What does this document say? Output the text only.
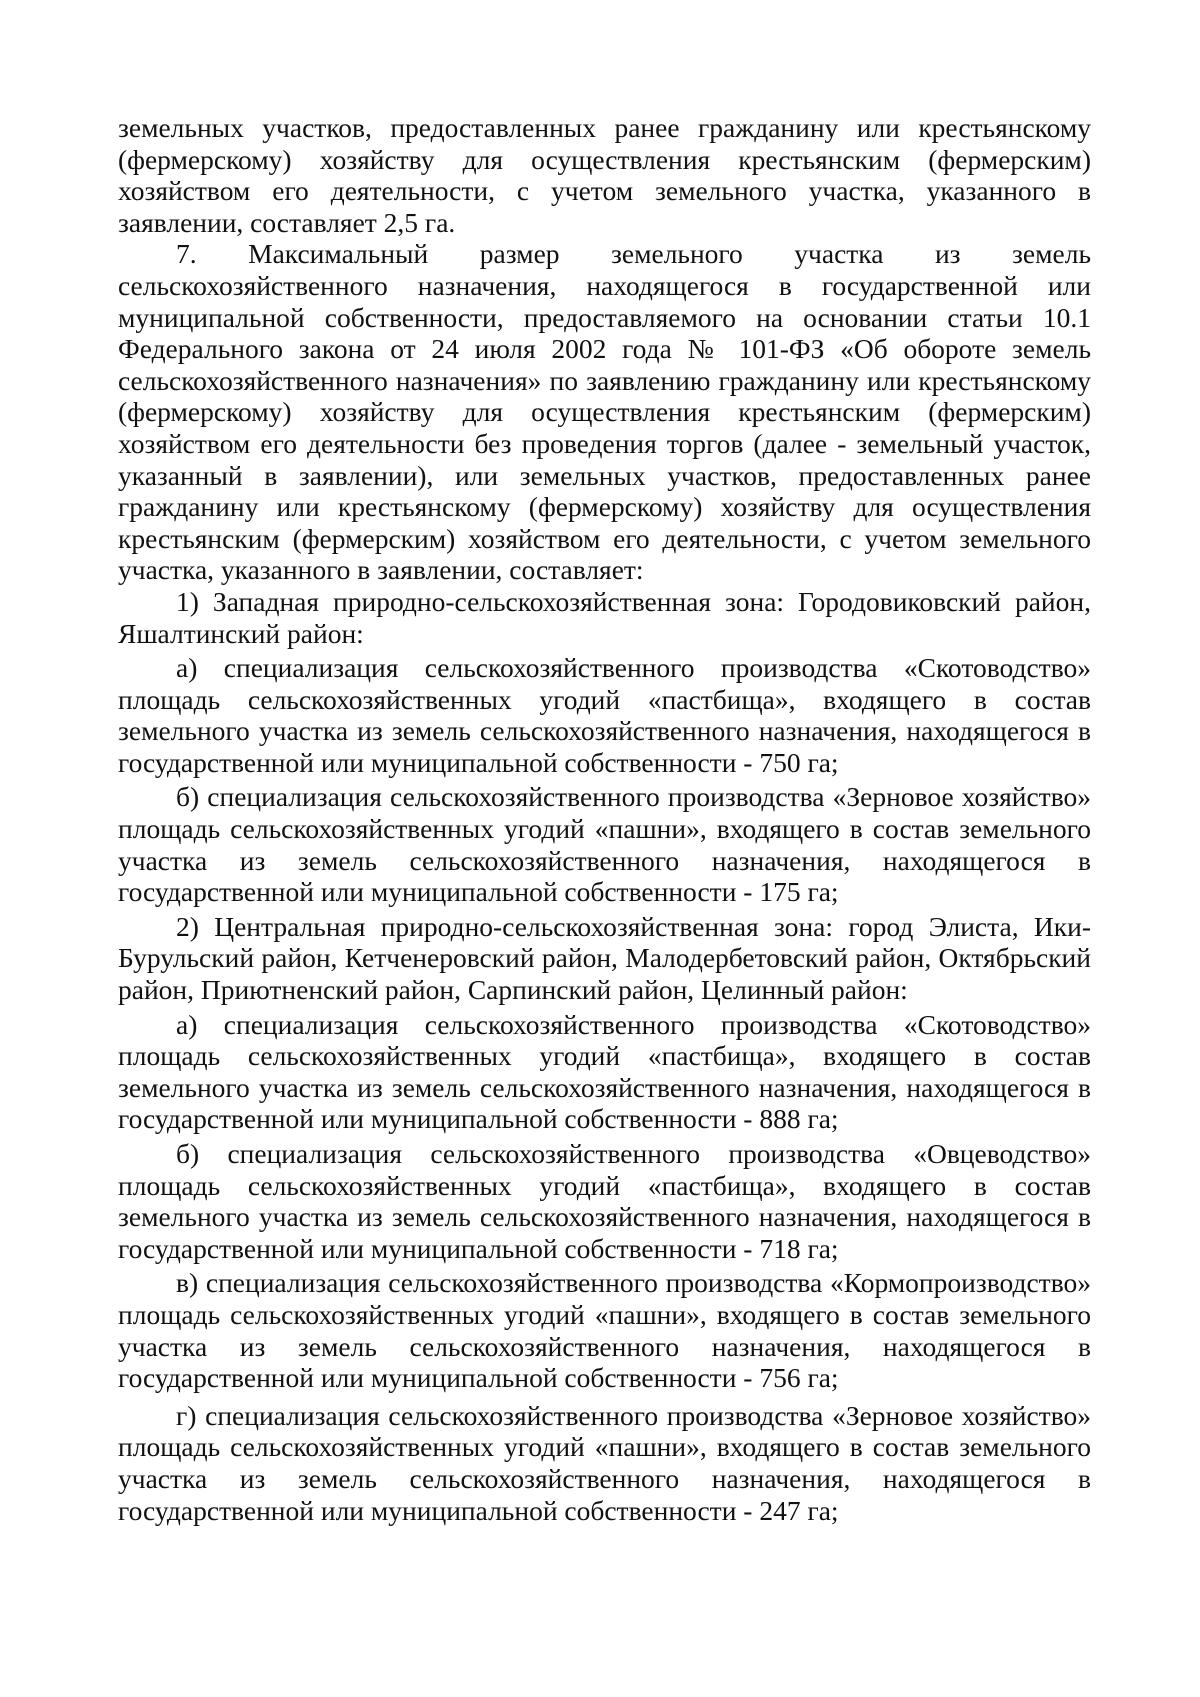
земельных участков, предоставленных ранее гражданину или крестьянскому (фермерскому) хозяйству для осуществления крестьянским (фермерским) хозяйством его деятельности, с учетом земельного участка, указанного в заявлении, составляет 2,5 га.

7. Максимальный размер земельного участка из земель сельскохозяйственного назначения, находящегося в государственной или муниципальной собственности, предоставляемого на основании статьи 10.1 Федерального закона от 24 июля 2002 года № 101-ФЗ «Об обороте земель сельскохозяйственного назначения» по заявлению гражданину или крестьянскому (фермерскому) хозяйству для осуществления крестьянским (фермерским) хозяйством его деятельности без проведения торгов (далее - земельный участок, указанный в заявлении), или земельных участков, предоставленных ранее гражданину или крестьянскому (фермерскому) хозяйству для осуществления крестьянским (фермерским) хозяйством его деятельности, с учетом земельного участка, указанного в заявлении, составляет:

1) Западная природно-сельскохозяйственная зона: Городовиковский район, Яшалтинский район:

а) специализация сельскохозяйственного производства «Скотоводство» площадь сельскохозяйственных угодий «пастбища», входящего в состав земельного участка из земель сельскохозяйственного назначения, находящегося в государственной или муниципальной собственности - 750 га;

б) специализация сельскохозяйственного производства «Зерновое хозяйство» площадь сельскохозяйственных угодий «пашни», входящего в состав земельного участка из земель сельскохозяйственного назначения, находящегося в государственной или муниципальной собственности - 175 га;

2) Центральная природно-сельскохозяйственная зона: город Элиста, Ики-Бурульский район, Кетченеровский район, Малодербетовский район, Октябрьский район, Приютненский район, Сарпинский район, Целинный район:

а) специализация сельскохозяйственного производства «Скотоводство» площадь сельскохозяйственных угодий «пастбища», входящего в состав земельного участка из земель сельскохозяйственного назначения, находящегося в государственной или муниципальной собственности - 888 га;

б) специализация сельскохозяйственного производства «Овцеводство» площадь сельскохозяйственных угодий «пастбища», входящего в состав земельного участка из земель сельскохозяйственного назначения, находящегося в государственной или муниципальной собственности - 718 га;

в) специализация сельскохозяйственного производства «Кормопроизводство» площадь сельскохозяйственных угодий «пашни», входящего в состав земельного участка из земель сельскохозяйственного назначения, находящегося в государственной или муниципальной собственности - 756 га;

г) специализация сельскохозяйственного производства «Зерновое хозяйство» площадь сельскохозяйственных угодий «пашни», входящего в состав земельного участка из земель сельскохозяйственного назначения, находящегося в государственной или муниципальной собственности - 247 га;
